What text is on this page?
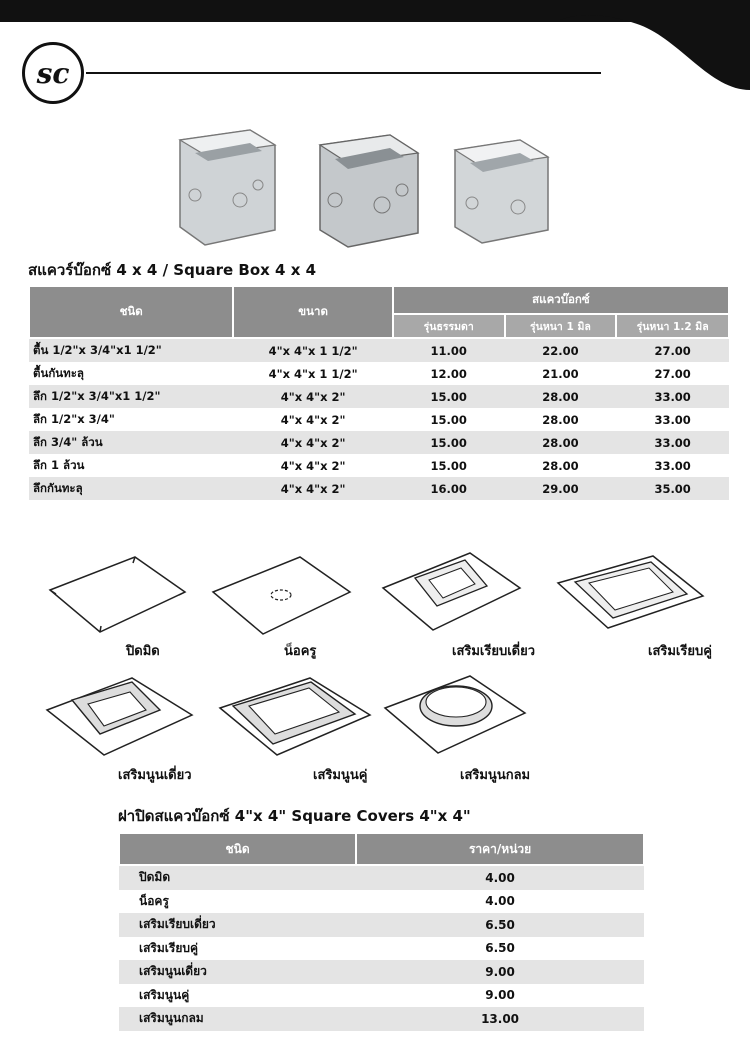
sc
สแควร์บ๊อกซ์ 4 x 4 / Square Box 4 x 4
ชนิด	ขนาด	สแควบ๊อกซ์		
		รุ่นธรรมดา	รุ่นหนา 1 มิล	รุ่นหนา 1.2 มิล
ตื้น 1/2"x 3/4"x1 1/2"	4"x 4"x 1 1/2"	11.00	22.00	27.00
ตื้นกันทะลุ	4"x 4"x 1 1/2"	12.00	21.00	27.00
ลึก 1/2"x 3/4"x1 1/2"	4"x 4"x 2"	15.00	28.00	33.00
ลึก 1/2"x 3/4"	4"x 4"x 2"	15.00	28.00	33.00
ลึก 3/4" ล้วน	4"x 4"x 2"	15.00	28.00	33.00
ลึก 1 ล้วน	4"x 4"x 2"	15.00	28.00	33.00
ลึกกันทะลุ	4"x 4"x 2"	16.00	29.00	35.00
ปิดมิด	น็อครู	เสริมเรียบเดี่ยว	เสริมเรียบคู่
เสริมนูนเดี่ยว	เสริมนูนคู่	เสริมนูนกลม
ฝาปิดสแควบ๊อกซ์ 4"x 4" Square Covers 4"x 4"
ชนิด	ราคา/หน่วย
ปิดมิด	4.00
น็อครู	4.00
เสริมเรียบเดี่ยว	6.50
เสริมเรียบคู่	6.50
เสริมนูนเดี่ยว	9.00
เสริมนูนคู่	9.00
เสริมนูนกลม	13.00
